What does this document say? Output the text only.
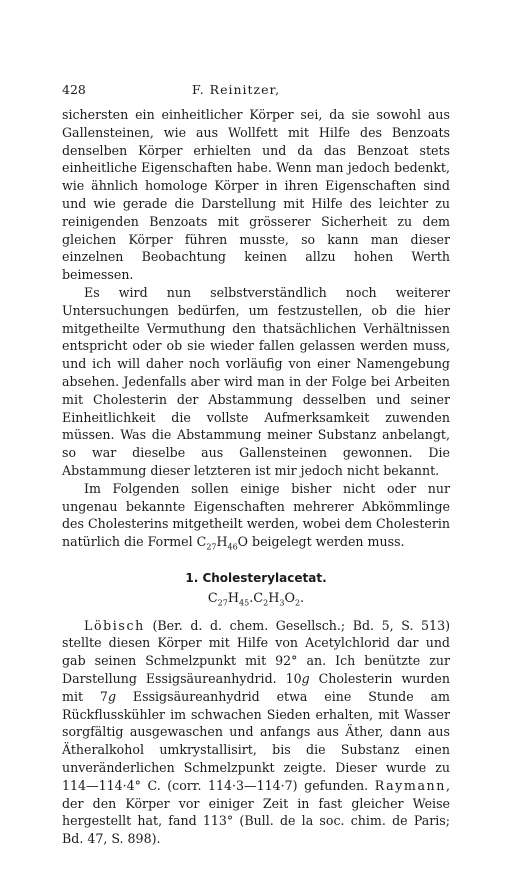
428	F. Reinitzer,

sichersten ein einheitlicher Körper sei, da sie sowohl aus Gallensteinen, wie aus Wollfett mit Hilfe des Benzoats denselben Körper erhielten und da das Benzoat stets einheitliche Eigenschaften habe. Wenn man jedoch bedenkt, wie ähnlich homologe Körper in ihren Eigenschaften sind und wie gerade die Darstellung mit Hilfe des leichter zu reinigenden Benzoats mit grösserer Sicherheit zu dem gleichen Körper führen musste, so kann man dieser einzelnen Beobachtung keinen allzu hohen Werth beimessen.

Es wird nun selbstverständlich noch weiterer Untersuchungen bedürfen, um festzustellen, ob die hier mitgetheilte Vermuthung den thatsächlichen Verhältnissen entspricht oder ob sie wieder fallen gelassen werden muss, und ich will daher noch vorläufig von einer Namengebung absehen. Jedenfalls aber wird man in der Folge bei Arbeiten mit Cholesterin der Abstammung desselben und seiner Einheitlichkeit die vollste Aufmerksamkeit zuwenden müssen. Was die Abstammung meiner Substanz anbelangt, so war dieselbe aus Gallensteinen gewonnen. Die Abstammung dieser letzteren ist mir jedoch nicht bekannt.

Im Folgenden sollen einige bisher nicht oder nur ungenau bekannte Eigenschaften mehrerer Abkömmlinge des Cholesterins mitgetheilt werden, wobei dem Cholesterin natürlich die Formel $C_{27}H_{46}O$ beigelegt werden muss.

1. Cholesterylacetat.
$C_{27}H_{45}.C_2H_3O_2$.

Löbisch (Ber. d. d. chem. Gesellsch.; Bd. 5, S. 513) stellte diesen Körper mit Hilfe von Acetylchlorid dar und gab seinen Schmelzpunkt mit 92° an. Ich benützte zur Darstellung Essigsäureanhydrid. 10g Cholesterin wurden mit 7g Essigsäureanhydrid etwa eine Stunde am Rückflusskühler im schwachen Sieden erhalten, mit Wasser sorgfältig ausgewaschen und anfangs aus Äther, dann aus Ätheralkohol umkrystallisirt, bis die Substanz einen unveränderlichen Schmelzpunkt zeigte. Dieser wurde zu 114—114·4° C. (corr. 114·3—114·7) gefunden. Raymann, der den Körper vor einiger Zeit in fast gleicher Weise hergestellt hat, fand 113° (Bull. de la soc. chim. de Paris; Bd. 47, S. 898).
